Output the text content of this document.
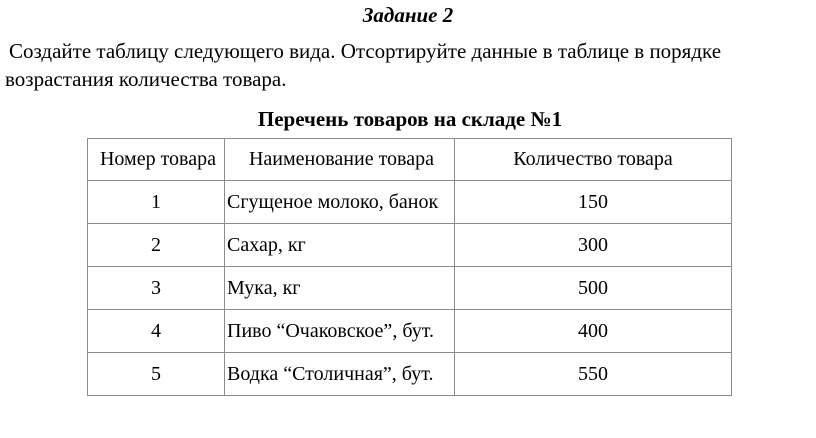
Задание 2

Создайте таблицу следующего вида. Отсортируйте данные в таблице в порядке
возрастания количества товара.

Перечень товаров на складе №1
Номер товара	Наименование товара	Количество товара
1	Сгущеное молоко, банок	150
2	Сахар, кг	300
3	Мука, кг	500
4	Пиво “Очаковское”, бут.	400
5	Водка “Столичная”, бут.	550
